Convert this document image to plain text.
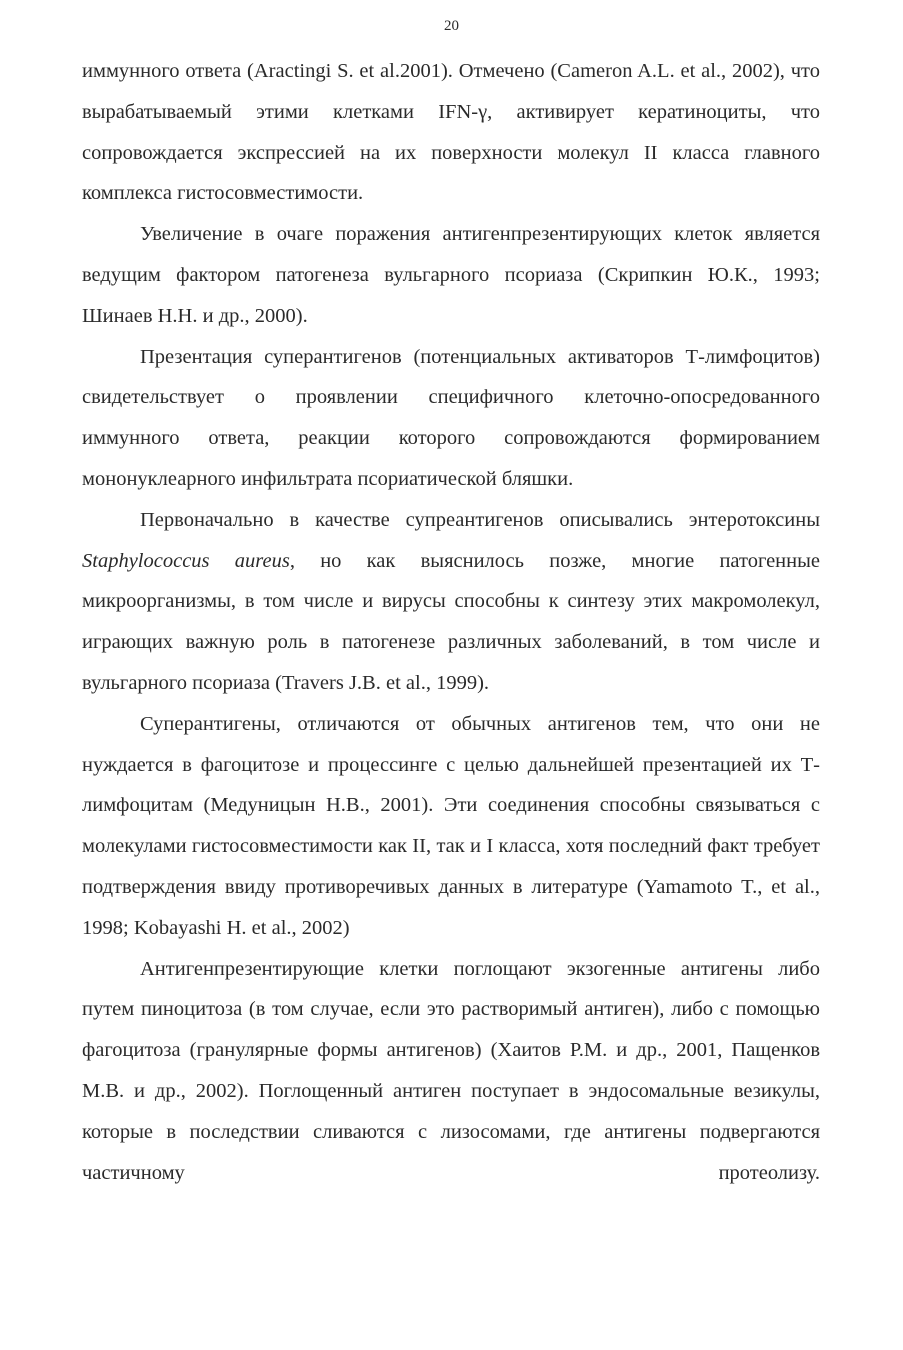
20

иммунного ответа (Aractingi S. et al.2001). Отмечено (Cameron A.L. et al., 2002), что вырабатываемый этими клетками IFN-γ, активирует кератиноциты, что сопровождается экспрессией на их поверхности молекул II класса главного комплекса гистосовместимости.

Увеличение в очаге поражения антигенпрезентирующих клеток является ведущим фактором патогенеза вульгарного псориаза (Скрипкин Ю.К., 1993; Шинаев Н.Н. и др., 2000).

Презентация суперантигенов (потенциальных активаторов Т-лимфоцитов) свидетельствует о проявлении специфичного клеточно-опосредованного иммунного ответа, реакции которого сопровождаются формированием мононуклеарного инфильтрата псориатической бляшки.

Первоначально в качестве супреантигенов описывались энтеротоксины Staphylococcus aureus, но как выяснилось позже, многие патогенные микроорганизмы, в том числе и вирусы способны к синтезу этих макромолекул, играющих важную роль в патогенезе различных заболеваний, в том числе и вульгарного псориаза (Travers J.B. et al., 1999).

Суперантигены, отличаются от обычных антигенов тем, что они не нуждается в фагоцитозе и процессинге с целью дальнейшей презентацией их Т-лимфоцитам (Медуницын Н.В., 2001). Эти соединения способны связываться с молекулами гистосовместимости как II, так и I класса, хотя последний факт требует подтверждения ввиду противоречивых данных в литературе (Yamamoto T., et al., 1998; Kobayashi H. et al., 2002)

Антигенпрезентирующие клетки поглощают экзогенные антигены либо путем пиноцитоза (в том случае, если это растворимый антиген), либо с помощью фагоцитоза (гранулярные формы антигенов) (Хаитов Р.М. и др., 2001, Пащенков М.В. и др., 2002). Поглощенный антиген поступает в эндосомальные везикулы, которые в последствии сливаются с лизосомами, где антигены подвергаются частичному протеолизу.
